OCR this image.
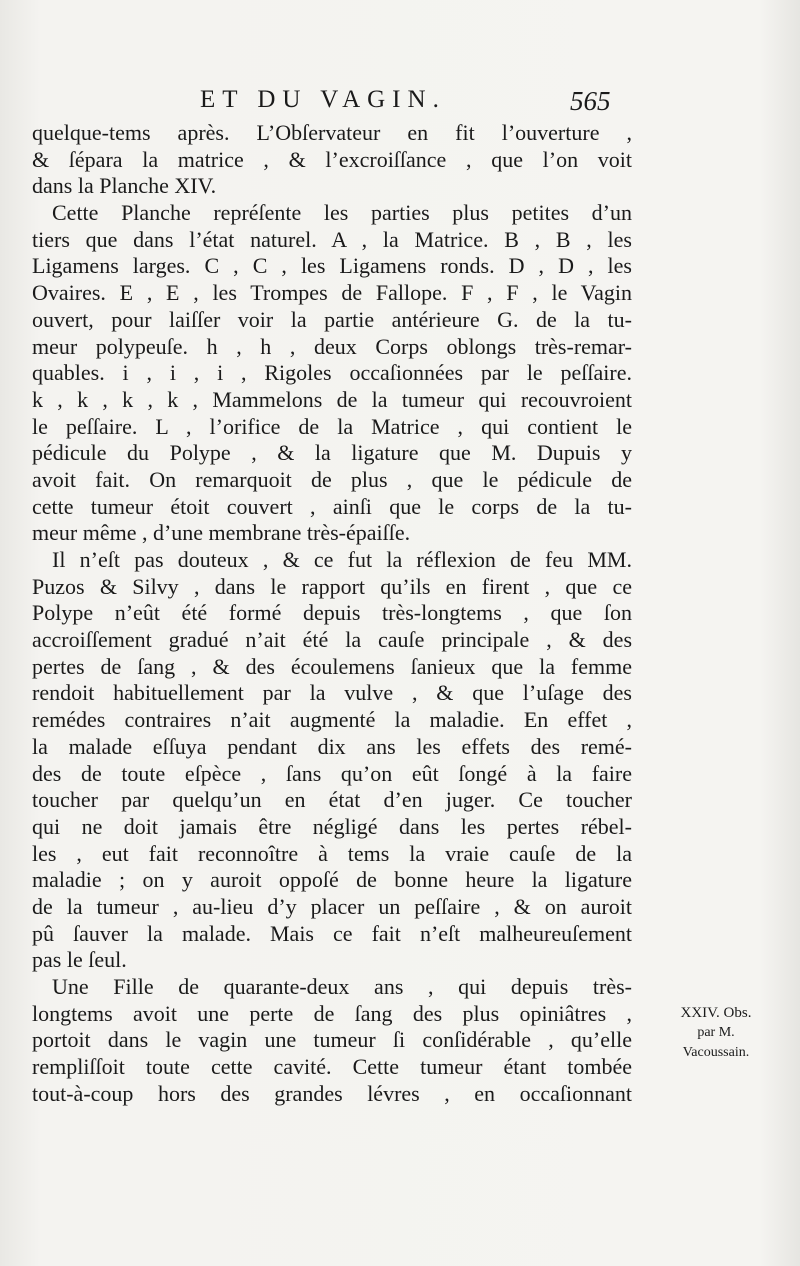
ET DU VAGIN.	565
quelque-tems après. L’Obſervateur en fit l’ouverture ,
& ſépara la matrice , & l’excroiſſance , que l’on voit
dans la Planche XIV.
Cette Planche repréſente les parties plus petites d’un
tiers que dans l’état naturel. A , la Matrice. B , B , les
Ligamens larges. C , C , les Ligamens ronds. D , D , les
Ovaires. E , E , les Trompes de Fallope. F , F , le Vagin
ouvert, pour laiſſer voir la partie antérieure G. de la tu-
meur polypeuſe. h , h , deux Corps oblongs très-remar-
quables. i , i , i , Rigoles occaſionnées par le peſſaire.
k , k , k , k , Mammelons de la tumeur qui recouvroient
le peſſaire. L , l’orifice de la Matrice , qui contient le
pédicule du Polype , & la ligature que M. Dupuis y
avoit fait. On remarquoit de plus , que le pédicule de
cette tumeur étoit couvert , ainſi que le corps de la tu-
meur même , d’une membrane très-épaiſſe.
Il n’eſt pas douteux , & ce fut la réflexion de feu MM.
Puzos & Silvy , dans le rapport qu’ils en firent , que ce
Polype n’eût été formé depuis très-longtems , que ſon
accroiſſement gradué n’ait été la cauſe principale , & des
pertes de ſang , & des écoulemens ſanieux que la femme
rendoit habituellement par la vulve , & que l’uſage des
remédes contraires n’ait augmenté la maladie. En effet ,
la malade eſſuya pendant dix ans les effets des remé-
des de toute eſpèce , ſans qu’on eût ſongé à la faire
toucher par quelqu’un en état d’en juger. Ce toucher
qui ne doit jamais être négligé dans les pertes rébel-
les , eut fait reconnoître à tems la vraie cauſe de la
maladie ; on y auroit oppoſé de bonne heure la ligature
de la tumeur , au-lieu d’y placer un peſſaire , & on auroit
pû ſauver la malade. Mais ce fait n’eſt malheureuſement
pas le ſeul.
Une Fille de quarante-deux ans , qui depuis très-
longtems avoit une perte de ſang des plus opiniâtres ,
portoit dans le vagin une tumeur ſi conſidérable , qu’elle
rempliſſoit toute cette cavité. Cette tumeur étant tombée
tout-à-coup hors des grandes lévres , en occaſionnant
XXIV. Obs.
par M.
Vacoussain.
